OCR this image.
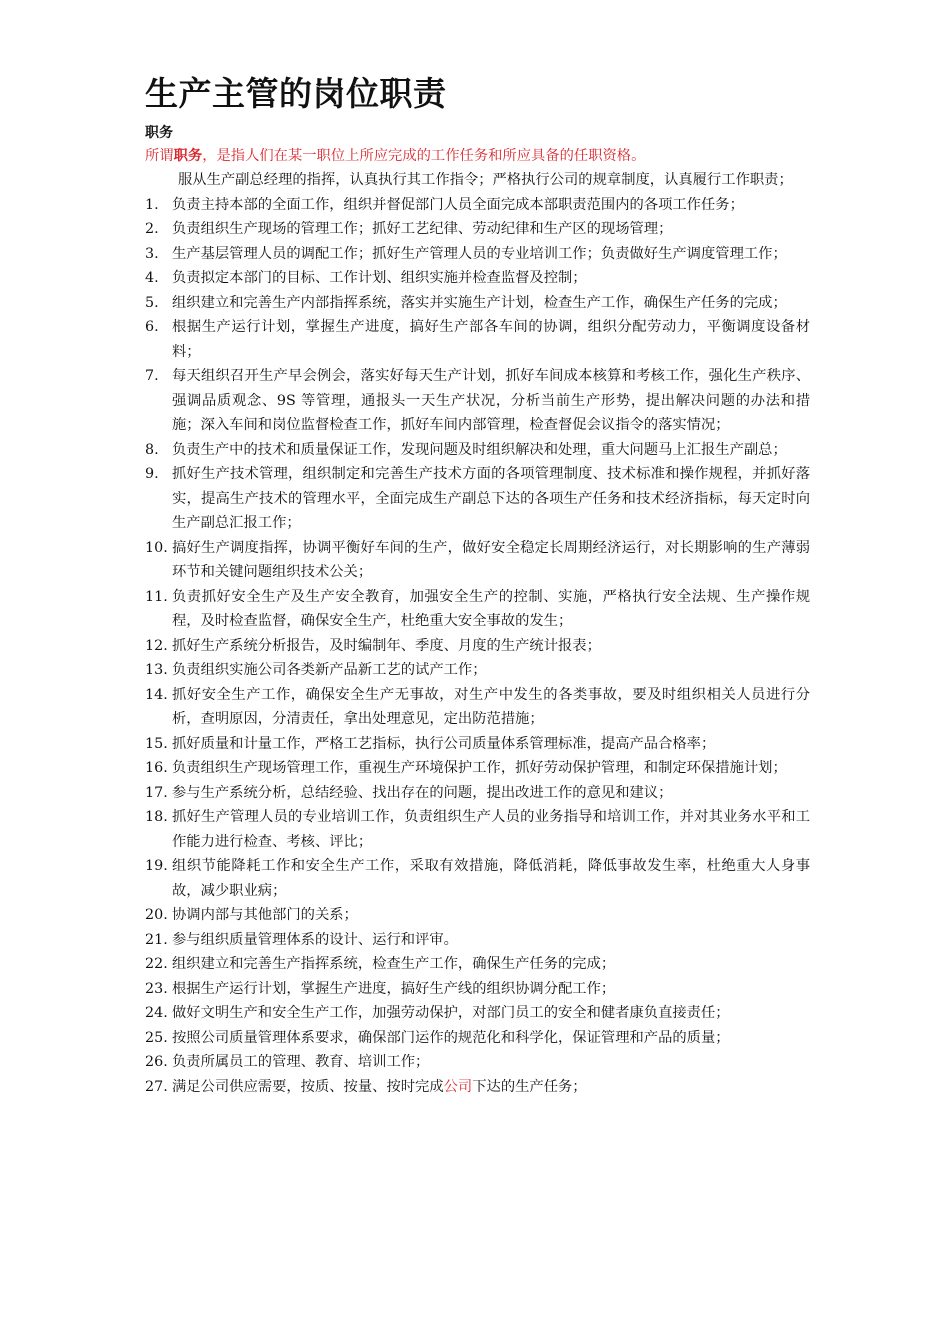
生产主管的岗位职责

职务

所谓职务，是指人们在某一职位上所应完成的工作任务和所应具备的任职资格。

服从生产副总经理的指挥，认真执行其工作指令；严格执行公司的规章制度，认真履行工作职责；

1. 负责主持本部的全面工作，组织并督促部门人员全面完成本部职责范围内的各项工作任务；
2. 负责组织生产现场的管理工作；抓好工艺纪律、劳动纪律和生产区的现场管理；
3. 生产基层管理人员的调配工作；抓好生产管理人员的专业培训工作；负责做好生产调度管理工作；
4. 负责拟定本部门的目标、工作计划、组织实施并检查监督及控制；
5. 组织建立和完善生产内部指挥系统，落实并实施生产计划，检查生产工作，确保生产任务的完成；
6. 根据生产运行计划，掌握生产进度，搞好生产部各车间的协调，组织分配劳动力，平衡调度设备材料；
7. 每天组织召开生产早会例会，落实好每天生产计划，抓好车间成本核算和考核工作，强化生产秩序、强调品质观念、9S 等管理，通报头一天生产状况，分析当前生产形势，提出解决问题的办法和措施；深入车间和岗位监督检查工作，抓好车间内部管理，检查督促会议指令的落实情况；
8. 负责生产中的技术和质量保证工作，发现问题及时组织解决和处理，重大问题马上汇报生产副总；
9. 抓好生产技术管理，组织制定和完善生产技术方面的各项管理制度、技术标准和操作规程，并抓好落实，提高生产技术的管理水平，全面完成生产副总下达的各项生产任务和技术经济指标，每天定时向生产副总汇报工作；
10. 搞好生产调度指挥，协调平衡好车间的生产，做好安全稳定长周期经济运行，对长期影响的生产薄弱环节和关键问题组织技术公关；
11. 负责抓好安全生产及生产安全教育，加强安全生产的控制、实施，严格执行安全法规、生产操作规程，及时检查监督，确保安全生产，杜绝重大安全事故的发生；
12. 抓好生产系统分析报告，及时编制年、季度、月度的生产统计报表；
13. 负责组织实施公司各类新产品新工艺的试产工作；
14. 抓好安全生产工作，确保安全生产无事故，对生产中发生的各类事故，要及时组织相关人员进行分析，查明原因，分清责任，拿出处理意见，定出防范措施；
15. 抓好质量和计量工作，严格工艺指标，执行公司质量体系管理标准，提高产品合格率；
16. 负责组织生产现场管理工作，重视生产环境保护工作，抓好劳动保护管理，和制定环保措施计划；
17. 参与生产系统分析，总结经验、找出存在的问题，提出改进工作的意见和建议；
18. 抓好生产管理人员的专业培训工作，负责组织生产人员的业务指导和培训工作，并对其业务水平和工作能力进行检查、考核、评比；
19. 组织节能降耗工作和安全生产工作，采取有效措施，降低消耗，降低事故发生率，杜绝重大人身事故，减少职业病；
20. 协调内部与其他部门的关系；
21. 参与组织质量管理体系的设计、运行和评审。
22. 组织建立和完善生产指挥系统，检查生产工作，确保生产任务的完成；
23. 根据生产运行计划，掌握生产进度，搞好生产线的组织协调分配工作；
24. 做好文明生产和安全生产工作，加强劳动保护，对部门员工的安全和健者康负直接责任；
25. 按照公司质量管理体系要求，确保部门运作的规范化和科学化，保证管理和产品的质量；
26. 负责所属员工的管理、教育、培训工作；
27. 满足公司供应需要，按质、按量、按时完成公司下达的生产任务；
